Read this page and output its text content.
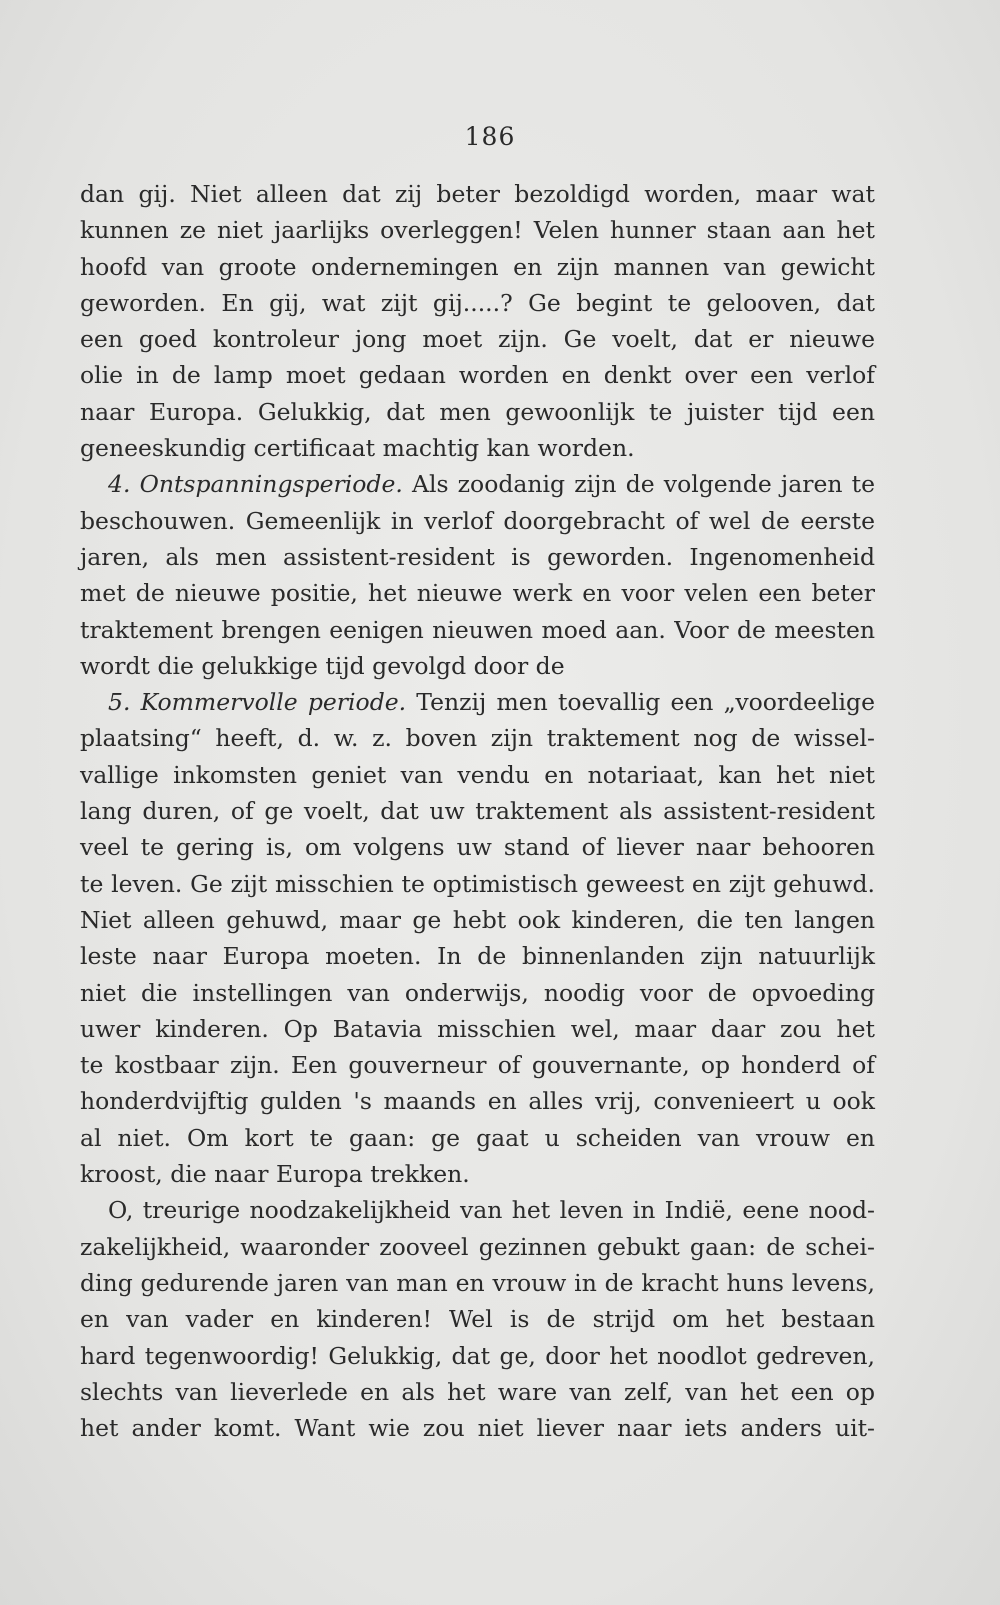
186
dan gij. Niet alleen dat zij beter bezoldigd worden, maar wat
kunnen ze niet jaarlijks overleggen! Velen hunner staan aan het
hoofd van groote ondernemingen en zijn mannen van gewicht
geworden. En gij, wat zijt gij.....? Ge begint te gelooven, dat
een goed kontroleur jong moet zijn. Ge voelt, dat er nieuwe
olie in de lamp moet gedaan worden en denkt over een verlof
naar Europa. Gelukkig, dat men gewoonlijk te juister tijd een
geneeskundig certificaat machtig kan worden.
4. Ontspanningsperiode. Als zoodanig zijn de volgende jaren te
beschouwen. Gemeenlijk in verlof doorgebracht of wel de eerste
jaren, als men assistent-resident is geworden. Ingenomenheid
met de nieuwe positie, het nieuwe werk en voor velen een beter
traktement brengen eenigen nieuwen moed aan. Voor de meesten
wordt die gelukkige tijd gevolgd door de
5. Kommervolle periode. Tenzij men toevallig een „voordeelige
plaatsing“ heeft, d. w. z. boven zijn traktement nog de wissel-
vallige inkomsten geniet van vendu en notariaat, kan het niet
lang duren, of ge voelt, dat uw traktement als assistent-resident
veel te gering is, om volgens uw stand of liever naar behooren
te leven. Ge zijt misschien te optimistisch geweest en zijt gehuwd.
Niet alleen gehuwd, maar ge hebt ook kinderen, die ten langen
leste naar Europa moeten. In de binnenlanden zijn natuurlijk
niet die instellingen van onderwijs, noodig voor de opvoeding
uwer kinderen. Op Batavia misschien wel, maar daar zou het
te kostbaar zijn. Een gouverneur of gouvernante, op honderd of
honderdvijftig gulden 's maands en alles vrij, convenieert u ook
al niet. Om kort te gaan: ge gaat u scheiden van vrouw en
kroost, die naar Europa trekken.
O, treurige noodzakelijkheid van het leven in Indië, eene nood-
zakelijkheid, waaronder zooveel gezinnen gebukt gaan: de schei-
ding gedurende jaren van man en vrouw in de kracht huns levens,
en van vader en kinderen! Wel is de strijd om het bestaan
hard tegenwoordig! Gelukkig, dat ge, door het noodlot gedreven,
slechts van lieverlede en als het ware van zelf, van het een op
het ander komt. Want wie zou niet liever naar iets anders uit-
